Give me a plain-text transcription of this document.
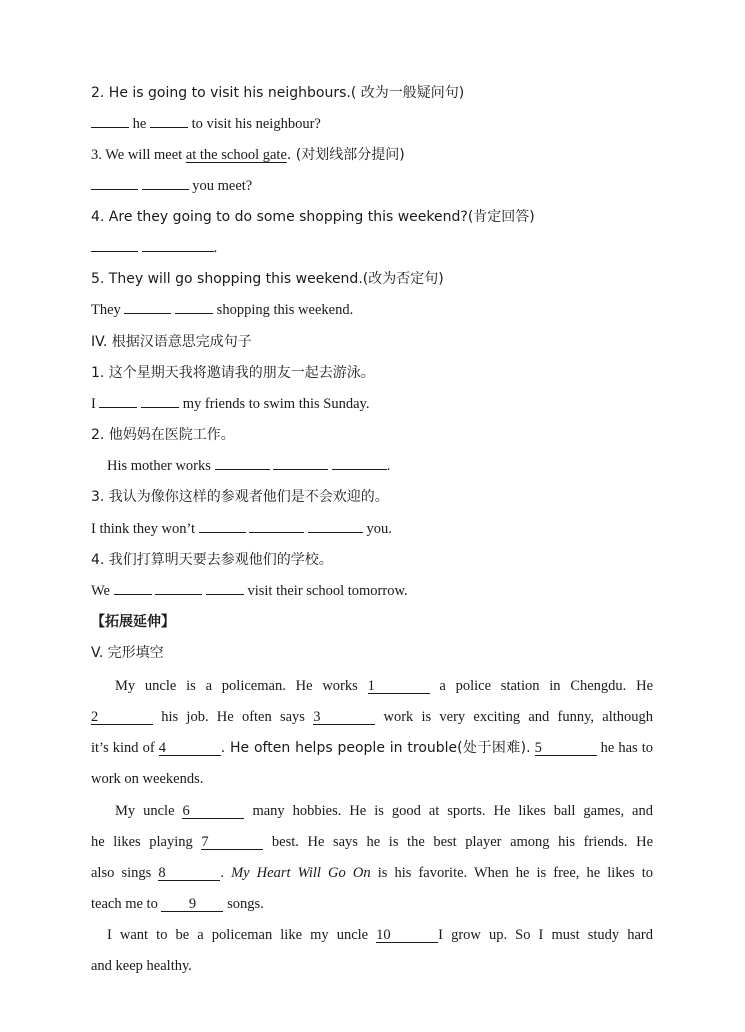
2. He is going to visit his neighbours.( 改为一般疑问句)
he	to visit his neighbour?
3. We will meet at the school gate. (对划线部分提问)
you meet?
4. Are they going to do some shopping this weekend?(肯定回答)
.
5. They will go shopping this weekend.(改为否定句)
They	shopping this weekend.
IV. 根据汉语意思完成句子
1. 这个星期天我将邀请我的朋友一起去游泳。
I	my friends to swim this Sunday.
2. 他妈妈在医院工作。
His mother works	.
3. 我认为像你这样的参观者他们是不会欢迎的。
I think they won’t	you.
4. 我们打算明天要去参观他们的学校。
We	visit their school tomorrow.
【拓展延伸】
V. 完形填空
My uncle is a policeman. He works 1	a police station in Chengdu. He
2	his job. He often says 3	work is very exciting and funny, although
it’s kind of 4	. He often helps people in trouble(处于困难). 5	he has to
work on weekends.
My uncle 6	many hobbies. He is good at sports. He likes ball games, and
he likes playing 7	best. He says he is the best player among his friends. He
also sings 8	. My Heart Will Go On is his favorite. When he is free, he likes to
teach me to 9 songs.
I want to be a policeman like my uncle 10	I grow up. So I must study hard
and keep healthy.
